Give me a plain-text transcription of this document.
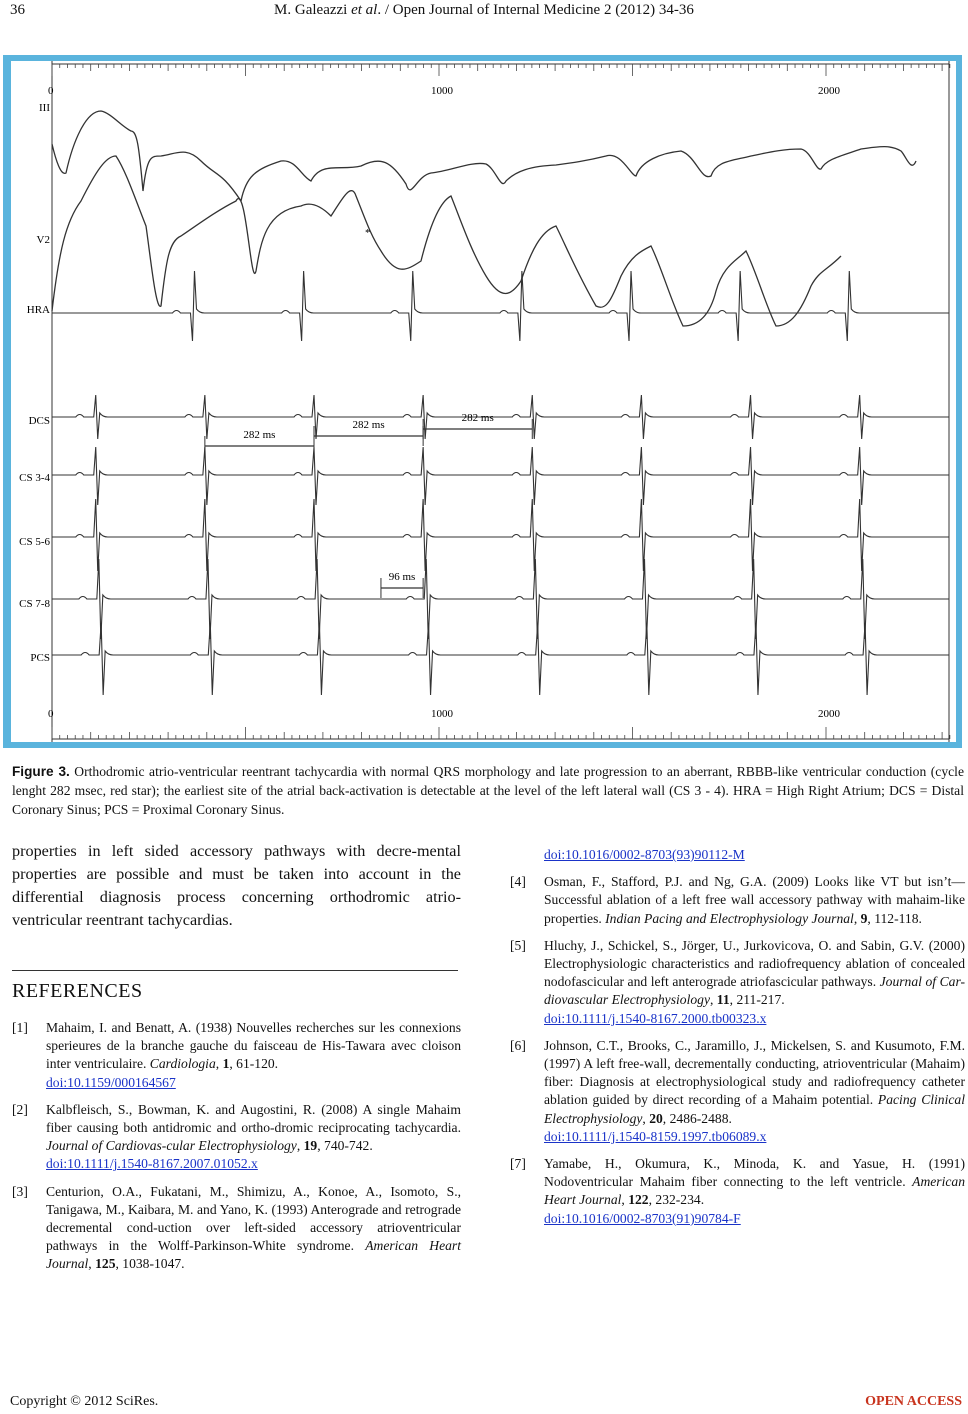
36	M. Galeazzi et al. / Open Journal of Internal Medicine 2 (2012) 34-36
0	1000	2000
0	1000	2000
III
V2
HRA
DCS
CS 3-4
CS 5-6
CS 7-8
PCS
*
282 ms
282 ms
282 ms
96 ms
Figure 3. Orthodromic atrio-ventricular reentrant tachycardia with normal QRS morphology and late progression to an aberrant, RBBB-like ventricular conduction (cycle lenght 282 msec, red star); the earliest site of the atrial back-activation is detectable at the level of the left lateral wall (CS 3 - 4). HRA = High Right Atrium; DCS = Distal Coronary Sinus; PCS = Proximal Coronary Sinus.
properties in left sided accessory pathways with decre-mental properties are possible and must be taken into account in the differential diagnosis process concerning orthodromic atrio-ventricular reentrant tachycardias.
REFERENCES
[1] Mahaim, I. and Benatt, A. (1938) Nouvelles recherches sur les connexions sperieures de la branche gauche du faisceau de His-Tawara avec cloison inter ventriculaire. Cardiologia, 1, 61-120.
doi:10.1159/000164567
[2] Kalbfleisch, S., Bowman, K. and Augostini, R. (2008) A single Mahaim fiber causing both antidromic and ortho-dromic reciprocating tachycardia. Journal of Cardiovas-cular Electrophysiology, 19, 740-742.
doi:10.1111/j.1540-8167.2007.01052.x
[3] Centurion, O.A., Fukatani, M., Shimizu, A., Konoe, A., Isomoto, S., Tanigawa, M., Kaibara, M. and Yano, K. (1993) Anterograde and retrograde decremental cond-uction over left-sided accessory atrioventricular pathways in the Wolff-Parkinson-White syndrome. American Heart Journal, 125, 1038-1047.
doi:10.1016/0002-8703(93)90112-M
[4] Osman, F., Stafford, P.J. and Ng, G.A. (2009) Looks like VT but isn’t—Successful ablation of a left free wall accessory pathway with mahaim-like properties. Indian Pacing and Electrophysiology Journal, 9, 112-118.
[5] Hluchy, J., Schickel, S., Jörger, U., Jurkovicova, O. and Sabin, G.V. (2000) Electrophysiologic characteristics and radiofrequency ablation of concealed nodofascicular and left anterograde atriofascicular pathways. Journal of Car-diovascular Electrophysiology, 11, 211-217.
doi:10.1111/j.1540-8167.2000.tb00323.x
[6] Johnson, C.T., Brooks, C., Jaramillo, J., Mickelsen, S. and Kusumoto, F.M. (1997) A left free-wall, decrementally conducting, atrioventricular (Mahaim) fiber: Diagnosis at electrophysiological study and radiofrequency catheter ablation guided by direct recording of a Mahaim potential. Pacing Clinical Electrophysiology, 20, 2486-2488.
doi:10.1111/j.1540-8159.1997.tb06089.x
[7] Yamabe, H., Okumura, K., Minoda, K. and Yasue, H. (1991) Nodoventricular Mahaim fiber connecting to the left ventricle. American Heart Journal, 122, 232-234.
doi:10.1016/0002-8703(91)90784-F
Copyright © 2012 SciRes.	OPEN ACCESS
